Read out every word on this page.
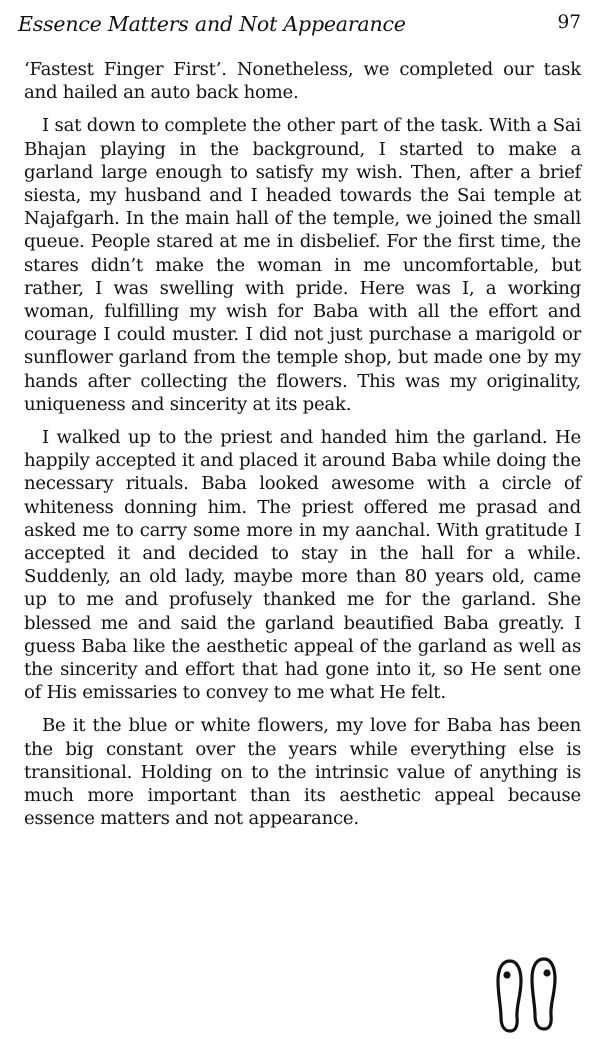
Essence Matters and Not Appearance	97

‘Fastest Finger First’. Nonetheless, we completed our task and hailed an auto back home.

I sat down to complete the other part of the task. With a Sai Bhajan playing in the background, I started to make a garland large enough to satisfy my wish. Then, after a brief siesta, my husband and I headed towards the Sai temple at Najafgarh. In the main hall of the temple, we joined the small queue. People stared at me in disbelief. For the first time, the stares didn’t make the woman in me uncomfortable, but rather, I was swelling with pride. Here was I, a working woman, fulfilling my wish for Baba with all the effort and courage I could muster. I did not just purchase a marigold or sunflower garland from the temple shop, but made one by my hands after collecting the flowers. This was my originality, uniqueness and sincerity at its peak.

I walked up to the priest and handed him the garland. He happily accepted it and placed it around Baba while doing the necessary rituals. Baba looked awesome with a circle of whiteness donning him. The priest offered me prasad and asked me to carry some more in my aanchal. With gratitude I accepted it and decided to stay in the hall for a while. Suddenly, an old lady, maybe more than 80 years old, came up to me and profusely thanked me for the garland. She blessed me and said the garland beautified Baba greatly. I guess Baba like the aesthetic appeal of the garland as well as the sincerity and effort that had gone into it, so He sent one of His emissaries to convey to me what He felt.

Be it the blue or white flowers, my love for Baba has been the big constant over the years while everything else is transitional. Holding on to the intrinsic value of anything is much more important than its aesthetic appeal because essence matters and not appearance.
